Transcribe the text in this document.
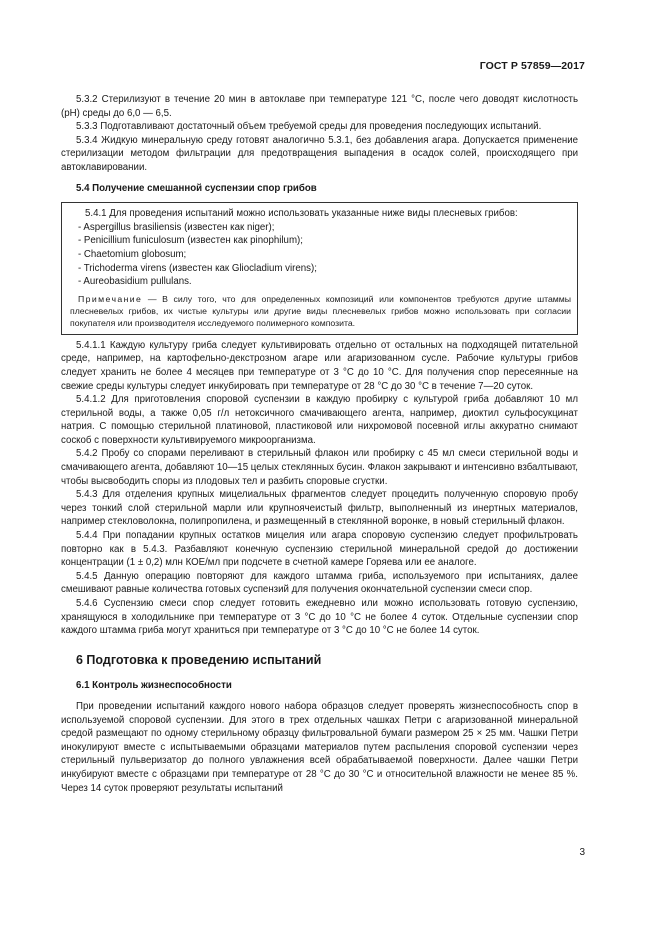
ГОСТ Р 57859—2017

5.3.2 Стерилизуют в течение 20 мин в автоклаве при температуре 121 °С, после чего доводят кислотность (pH) среды до 6,0 — 6,5.

5.3.3 Подготавливают достаточный объем требуемой среды для проведения последующих испытаний.

5.3.4 Жидкую минеральную среду готовят аналогично 5.3.1, без добавления агара. Допускается применение стерилизации методом фильтрации для предотвращения выпадения в осадок солей, происходящего при автоклавировании.

5.4 Получение смешанной суспензии спор грибов

5.4.1 Для проведения испытаний можно использовать указанные ниже виды плесневых грибов:

- Aspergillus brasiliensis (известен как niger);

- Penicillium funiculosum (известен как pinophilum);

- Chaetomium globosum;

- Trichoderma virens (известен как Gliocladium virens);

- Aureobasidium pullulans.

Примечание — В силу того, что для определенных композиций или компонентов требуются другие штаммы плесневелых грибов, их чистые культуры или другие виды плесневелых грибов можно использовать при согласии покупателя или производителя исследуемого полимерного композита.

5.4.1.1 Каждую культуру гриба следует культивировать отдельно от остальных на подходящей питательной среде, например, на картофельно-декстрозном агаре или агаризованном сусле. Рабочие культуры грибов следует хранить не более 4 месяцев при температуре от 3 °С до 10 °С. Для получения спор пересеянные на свежие среды культуры следует инкубировать при температуре от 28 °С до 30 °С в течение 7—20 суток.

5.4.1.2 Для приготовления споровой суспензии в каждую пробирку с культурой гриба добавляют 10 мл стерильной воды, а также 0,05 г/л нетоксичного смачивающего агента, например, диоктил сульфосукцинат натрия. С помощью стерильной платиновой, пластиковой или нихромовой посевной иглы аккуратно снимают соскоб с поверхности культивируемого микроорганизма.

5.4.2 Пробу со спорами переливают в стерильный флакон или пробирку с 45 мл смеси стерильной воды и смачивающего агента, добавляют 10—15 целых стеклянных бусин. Флакон закрывают и интенсивно взбалтывают, чтобы высвободить споры из плодовых тел и разбить споровые сгустки.

5.4.3 Для отделения крупных мицелиальных фрагментов следует процедить полученную споровую пробу через тонкий слой стерильной марли или крупноячеистый фильтр, выполненный из инертных материалов, например стекловолокна, полипропилена, и размещенный в стеклянной воронке, в новый стерильный флакон.

5.4.4 При попадании крупных остатков мицелия или агара споровую суспензию следует профильтровать повторно как в 5.4.3. Разбавляют конечную суспензию стерильной минеральной средой до достижении концентрации (1 ± 0,2) млн КОЕ/мл при подсчете в счетной камере Горяева или ее аналоге.

5.4.5 Данную операцию повторяют для каждого штамма гриба, используемого при испытаниях, далее смешивают равные количества готовых суспензий для получения окончательной суспензии смеси спор.

5.4.6 Суспензию смеси спор следует готовить ежедневно или можно использовать готовую суспензию, хранящуюся в холодильнике при температуре от 3 °С до 10 °С не более 4 суток. Отдельные суспензии спор каждого штамма гриба могут храниться при температуре от 3 °С до 10 °С не более 14 суток.

6 Подготовка к проведению испытаний

6.1 Контроль жизнеспособности

При проведении испытаний каждого нового набора образцов следует проверять жизнеспособность спор в используемой споровой суспензии. Для этого в трех отдельных чашках Петри с агаризованной минеральной средой размещают по одному стерильному образцу фильтровальной бумаги размером 25 × 25 мм. Чашки Петри инокулируют вместе с испытываемыми образцами материалов путем распыления споровой суспензии через стерильный пульверизатор до полного увлажнения всей обрабатываемой поверхности. Далее чашки Петри инкубируют вместе с образцами при температуре от 28 °С до 30 °С и относительной влажности не менее 85 %. Через 14 суток проверяют результаты испытаний

3
